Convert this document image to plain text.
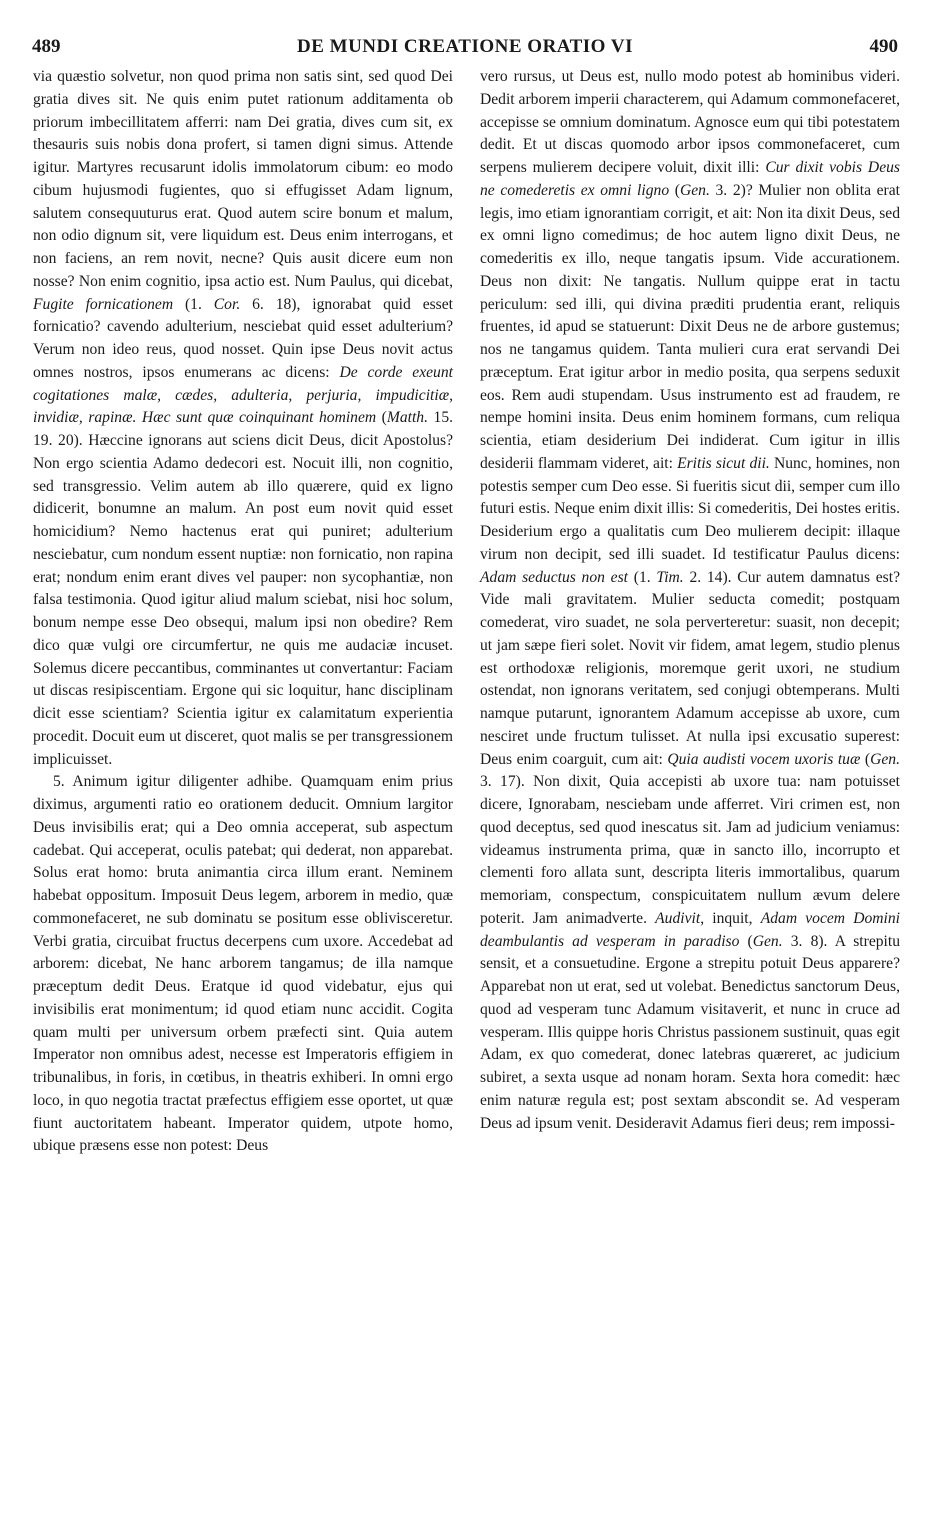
489	DE MUNDI CREATIONE ORATIO VI	490

via quæstio solvetur, non quod prima non satis sint, sed quod Dei gratia dives sit. Ne quis enim putet rationum additamenta ob priorum imbecillitatem afferri: nam Dei gratia, dives cum sit, ex thesauris suis nobis dona profert, si tamen digni simus. Attende igitur. Martyres recusarunt idolis immolatorum cibum: eo modo cibum hujusmodi fugientes, quo si effugisset Adam lignum, salutem consequuturus erat. Quod autem scire bonum et malum, non odio dignum sit, vere liquidum est. Deus enim interrogans, et non faciens, an rem novit, necne? Quis ausit dicere eum non nosse? Non enim cognitio, ipsa actio est. Num Paulus, qui dicebat, Fugite fornicationem (1. Cor. 6. 18), ignorabat quid esset fornicatio? cavendo adulterium, nesciebat quid esset adulterium? Verum non ideo reus, quod nosset. Quin ipse Deus novit actus omnes nostros, ipsos enumerans ac dicens: De corde exeunt cogitationes malæ, cædes, adulteria, perjuria, impudicitiæ, invidiæ, rapinæ. Hæc sunt quæ coinquinant hominem (Matth. 15. 19. 20). Hæccine ignorans aut sciens dicit Deus, dicit Apostolus? Non ergo scientia Adamo dedecori est. Nocuit illi, non cognitio, sed transgressio. Velim autem ab illo quærere, quid ex ligno didicerit, bonumne an malum. An post eum novit quid esset homicidium? Nemo hactenus erat qui puniret; adulterium nesciebatur, cum nondum essent nuptiæ: non fornicatio, non rapina erat; nondum enim erant dives vel pauper: non sycophantiæ, non falsa testimonia. Quod igitur aliud malum sciebat, nisi hoc solum, bonum nempe esse Deo obsequi, malum ipsi non obedire? Rem dico quæ vulgi ore circumfertur, ne quis me audaciæ incuset. Solemus dicere peccantibus, comminantes ut convertantur: Faciam ut discas resipiscentiam. Ergone qui sic loquitur, hanc disciplinam dicit esse scientiam? Scientia igitur ex calamitatum experientia procedit. Docuit eum ut disceret, quot malis se per transgressionem implicuisset.

5. Animum igitur diligenter adhibe. Quamquam enim prius diximus, argumenti ratio eo orationem deducit. Omnium largitor Deus invisibilis erat; qui a Deo omnia acceperat, sub aspectum cadebat. Qui acceperat, oculis patebat; qui dederat, non apparebat. Solus erat homo: bruta animantia circa illum erant. Neminem habebat oppositum. Imposuit Deus legem, arborem in medio, quæ commonefaceret, ne sub dominatu se positum esse oblivisceretur. Verbi gratia, circuibat fructus decerpens cum uxore. Accedebat ad arborem: dicebat, Ne hanc arborem tangamus; de illa namque præceptum dedit Deus. Eratque id quod videbatur, ejus qui invisibilis erat monimentum; id quod etiam nunc accidit. Cogita quam multi per universum orbem præfecti sint. Quia autem Imperator non omnibus adest, necesse est Imperatoris effigiem in tribunalibus, in foris, in cœtibus, in theatris exhiberi. In omni ergo loco, in quo negotia tractat præfectus effigiem esse oportet, ut quæ fiunt auctoritatem habeant. Imperator quidem, utpote homo, ubique præsens esse non potest: Deus

vero rursus, ut Deus est, nullo modo potest ab hominibus videri. Dedit arborem imperii characterem, qui Adamum commonefaceret, accepisse se omnium dominatum. Agnosce eum qui tibi potestatem dedit. Et ut discas quomodo arbor ipsos commonefaceret, cum serpens mulierem decipere voluit, dixit illi: Cur dixit vobis Deus ne comederetis ex omni ligno (Gen. 3. 2)? Mulier non oblita erat legis, imo etiam ignorantiam corrigit, et ait: Non ita dixit Deus, sed ex omni ligno comedimus; de hoc autem ligno dixit Deus, ne comederitis ex illo, neque tangatis ipsum. Vide accurationem. Deus non dixit: Ne tangatis. Nullum quippe erat in tactu periculum: sed illi, qui divina præditi prudentia erant, reliquis fruentes, id apud se statuerunt: Dixit Deus ne de arbore gustemus; nos ne tangamus quidem. Tanta mulieri cura erat servandi Dei præceptum. Erat igitur arbor in medio posita, qua serpens seduxit eos. Rem audi stupendam. Usus instrumento est ad fraudem, re nempe homini insita. Deus enim hominem formans, cum reliqua scientia, etiam desiderium Dei indiderat. Cum igitur in illis desiderii flammam videret, ait: Eritis sicut dii. Nunc, homines, non potestis semper cum Deo esse. Si fueritis sicut dii, semper cum illo futuri estis. Neque enim dixit illis: Si comederitis, Dei hostes eritis. Desiderium ergo a qualitatis cum Deo mulierem decipit: illaque virum non decipit, sed illi suadet. Id testificatur Paulus dicens: Adam seductus non est (1. Tim. 2. 14). Cur autem damnatus est? Vide mali gravitatem. Mulier seducta comedit; postquam comederat, viro suadet, ne sola perverteretur: suasit, non decepit; ut jam sæpe fieri solet. Novit vir fidem, amat legem, studio plenus est orthodoxæ religionis, moremque gerit uxori, ne studium ostendat, non ignorans veritatem, sed conjugi obtemperans. Multi namque putarunt, ignorantem Adamum accepisse ab uxore, cum nesciret unde fructum tulisset. At nulla ipsi excusatio superest: Deus enim coarguit, cum ait: Quia audisti vocem uxoris tuæ (Gen. 3. 17). Non dixit, Quia accepisti ab uxore tua: nam potuisset dicere, Ignorabam, nesciebam unde afferret. Viri crimen est, non quod deceptus, sed quod inescatus sit. Jam ad judicium veniamus: videamus instrumenta prima, quæ in sancto illo, incorrupto et clementi foro allata sunt, descripta literis immortalibus, quarum memoriam, conspectum, conspicuitatem nullum ævum delere poterit. Jam animadverte. Audivit, inquit, Adam vocem Domini deambulantis ad vesperam in paradiso (Gen. 3. 8). A strepitu sensit, et a consuetudine. Ergone a strepitu potuit Deus apparere? Apparebat non ut erat, sed ut volebat. Benedictus sanctorum Deus, quod ad vesperam tunc Adamum visitaverit, et nunc in cruce ad vesperam. Illis quippe horis Christus passionem sustinuit, quas egit Adam, ex quo comederat, donec latebras quæreret, ac judicium subiret, a sexta usque ad nonam horam. Sexta hora comedit: hæc enim naturæ regula est; post sextam abscondit se. Ad vesperam Deus ad ipsum venit. Desideravit Adamus fieri deus; rem impossi-
